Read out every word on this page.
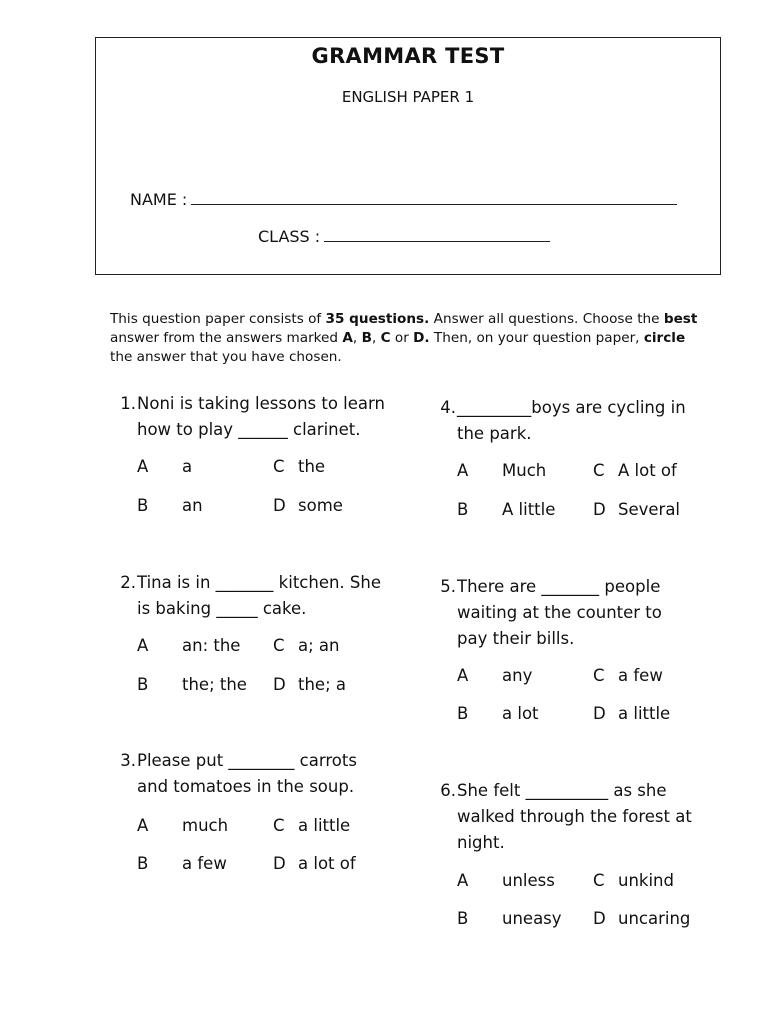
GRAMMAR TEST
ENGLISH PAPER 1
NAME :
CLASS :
This question paper consists of 35 questions. Answer all questions. Choose the best answer from the answers marked A, B, C or D. Then, on your question paper, circle the answer that you have chosen.
1. Noni is taking lessons to learn
how to play ______ clarinet.
A a	C the
B an	D some
2. Tina is in _______ kitchen. She
is baking _____ cake.
A an: the C a; an
B the; the D the; a
3. Please put ________ carrots
and tomatoes in the soup.
A much	C a little
B a few	D a lot of
4. _________boys are cycling in
the park.
A Much	C A lot of
B A little D Several
5. There are _______ people
waiting at the counter to
pay their bills.
A any	C a few
B a lot	D a little
6. She felt __________ as she
walked through the forest at
night.
A unless C unkind
B uneasy D uncaring
